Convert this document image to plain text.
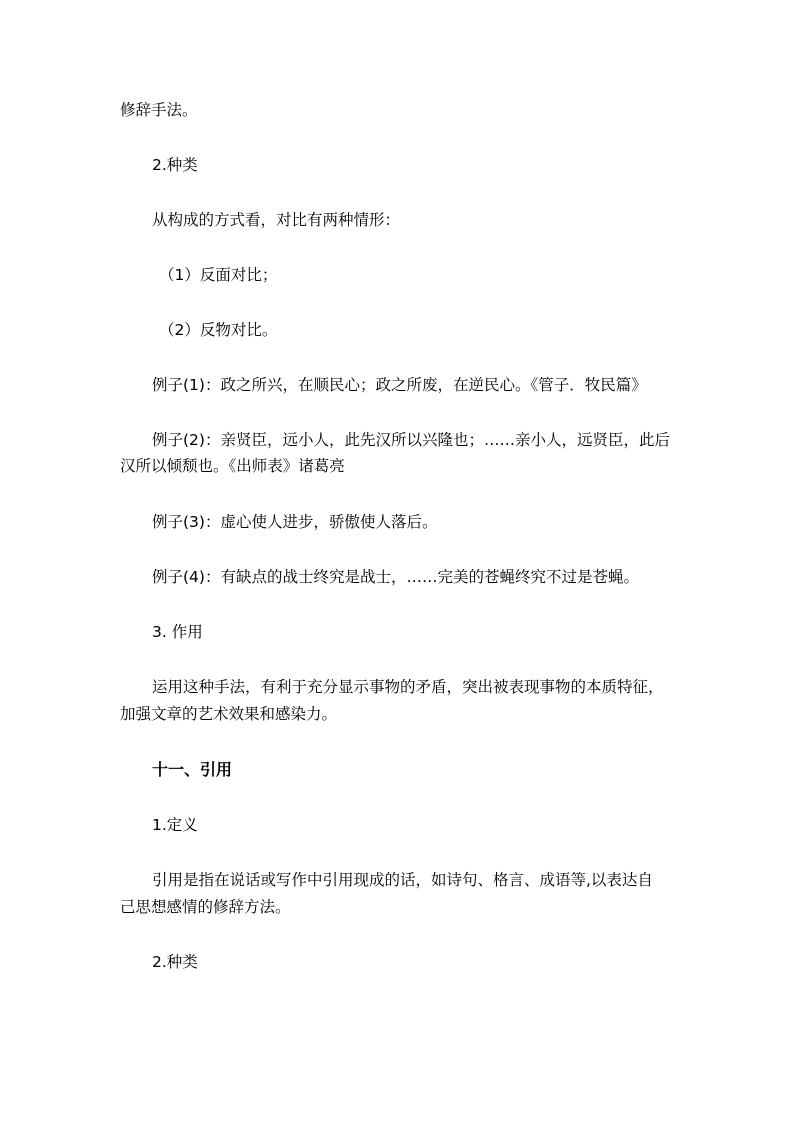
修辞手法。
2.种类
从构成的方式看，对比有两种情形：
（1）反面对比；
（2）反物对比。
例子(1)：政之所兴，在顺民心；政之所废，在逆民心。《管子．牧民篇》
例子(2)：亲贤臣，远小人，此先汉所以兴隆也；……亲小人，远贤臣，此后
汉所以倾颓也。《出师表》诸葛亮
例子(3)：虚心使人进步，骄傲使人落后。
例子(4)：有缺点的战士终究是战士，……完美的苍蝇终究不过是苍蝇。
3. 作用
运用这种手法，有利于充分显示事物的矛盾，突出被表现事物的本质特征，
加强文章的艺术效果和感染力。
十一、引用
1.定义
引用是指在说话或写作中引用现成的话，如诗句、格言、成语等,以表达自
己思想感情的修辞方法。
2.种类
